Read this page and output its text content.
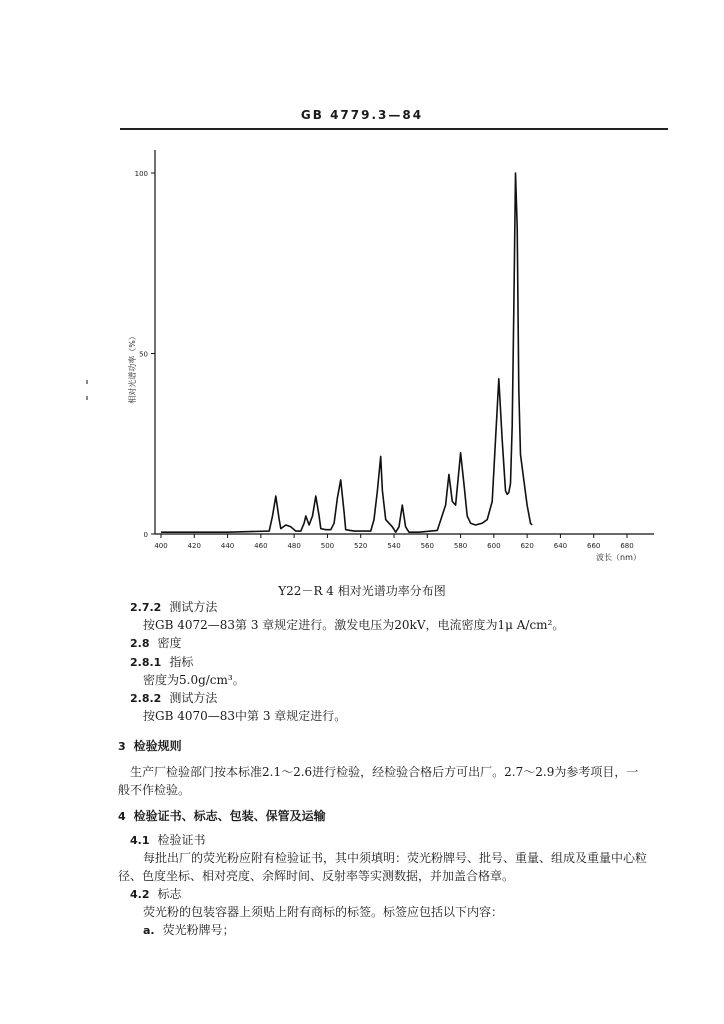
GB 4779.3—84
400	420	440	460	480	500	520	540	560	580	600	620	640	660	680
0
50
100
波长（nm）
相对光谱功率（%）
Y22－R 4 相对光谱功率分布图
2.7.2 测试方法
按GB 4072—83第 3 章规定进行。激发电压为20kV，电流密度为1μ A/cm²。
2.8 密度
2.8.1 指标
密度为5.0g/cm³。
2.8.2 测试方法
按GB 4070—83中第 3 章规定进行。
3 检验规则
生产厂检验部门按本标准2.1～2.6进行检验，经检验合格后方可出厂。2.7～2.9为参考项目，一
般不作检验。
4 检验证书、标志、包装、保管及运输
4.1 检验证书
每批出厂的荧光粉应附有检验证书，其中须填明：荧光粉牌号、批号、重量、组成及重量中心粒
径、色度坐标、相对亮度、余辉时间、反射率等实测数据，并加盖合格章。
4.2 标志
荧光粉的包装容器上须贴上附有商标的标签。标签应包括以下内容：
a. 荧光粉牌号；
